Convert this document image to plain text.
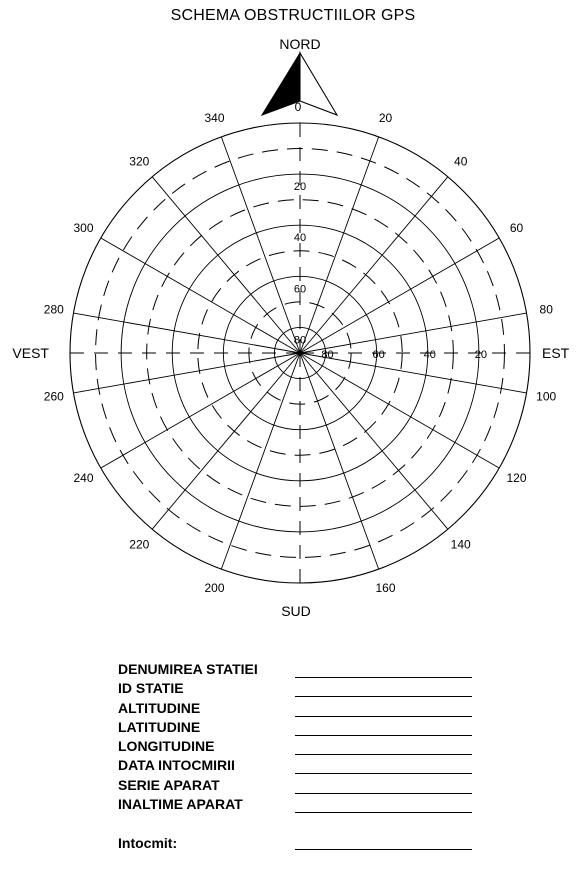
SCHEMA OBSTRUCTIILOR GPS
0
20
40
60
80
100
120
140
160
200
220
240
260
280
300
320
340
20
40
60
80
80	60	40	20
NORD
SUD
EST
VEST
DENUMIREA STATIEI
ID STATIE
ALTITUDINE
LATITUDINE
LONGITUDINE
DATA INTOCMIRII
SERIE APARAT
INALTIME APARAT
Intocmit:
